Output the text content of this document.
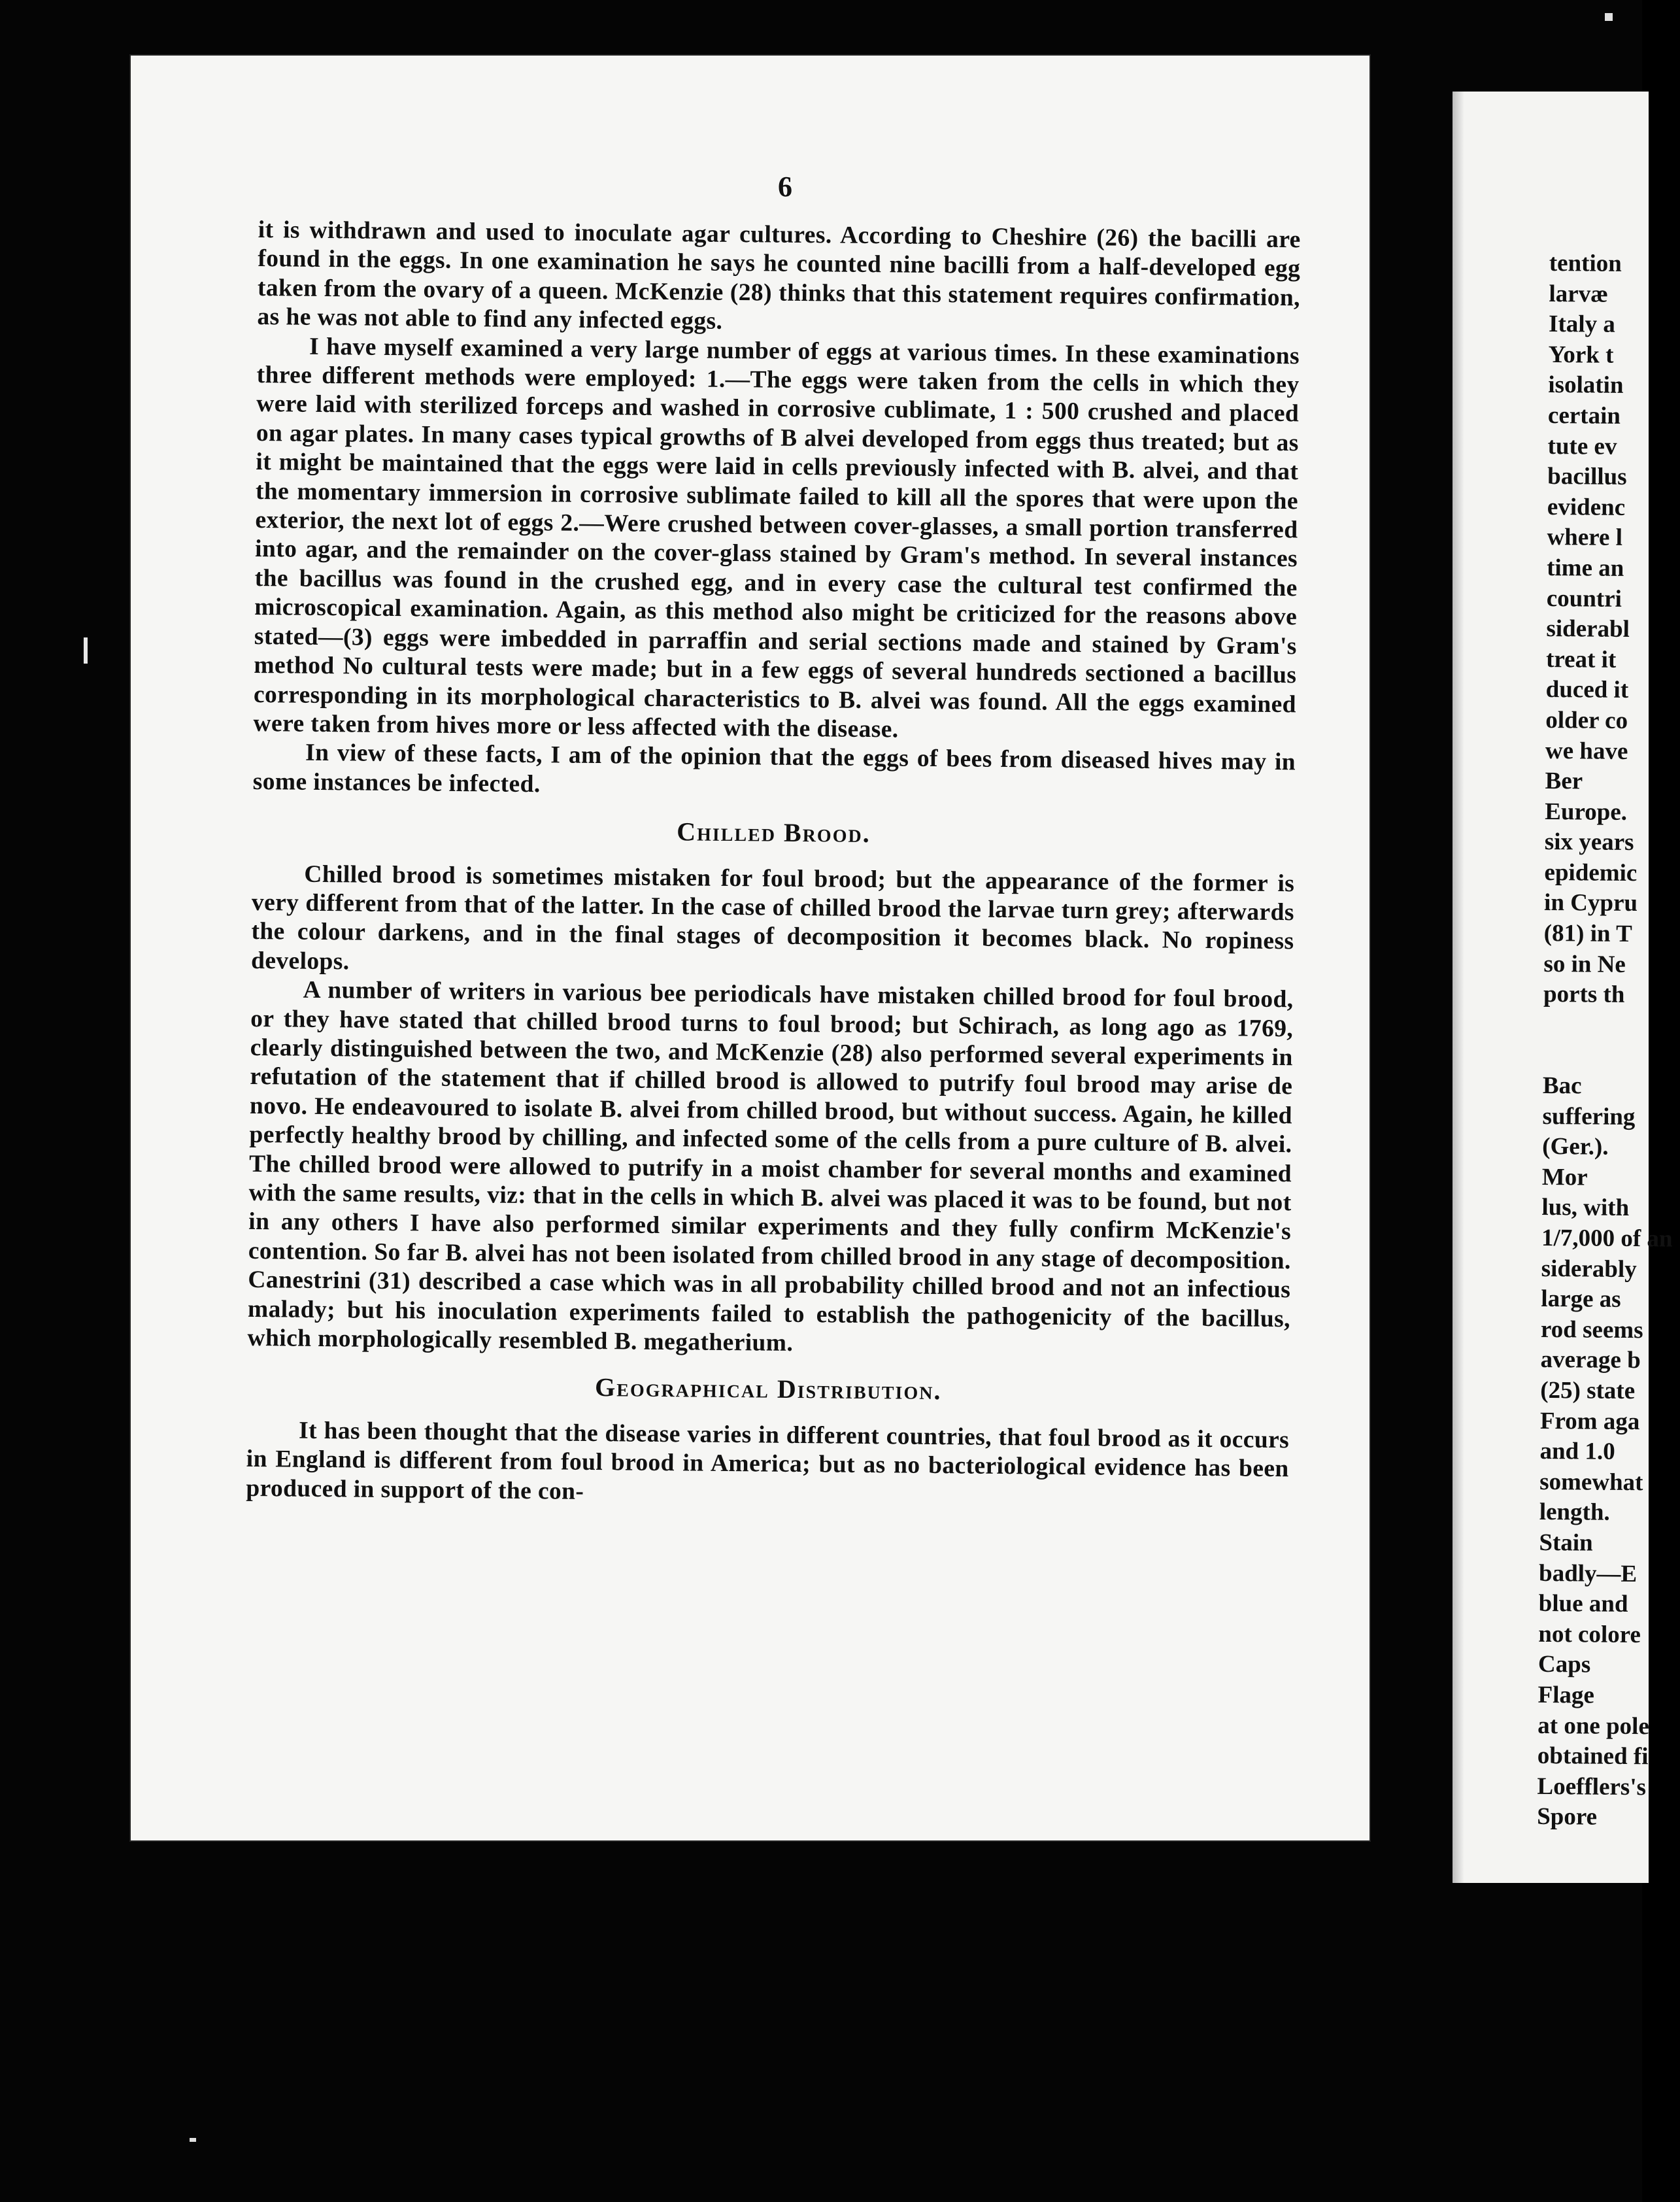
6

it is withdrawn and used to inoculate agar cultures. According to Cheshire (26) the bacilli are found in the eggs. In one examination he says he counted nine bacilli from a half-developed egg taken from the ovary of a queen. McKenzie (28) thinks that this statement requires confirmation, as he was not able to find any infected eggs.

I have myself examined a very large number of eggs at various times. In these examinations three different methods were employed: 1.—The eggs were taken from the cells in which they were laid with sterilized forceps and washed in corrosive cublimate, 1 : 500 crushed and placed on agar plates. In many cases typical growths of B alvei developed from eggs thus treated; but as it might be maintained that the eggs were laid in cells previously infected with B. alvei, and that the momentary immersion in corrosive sublimate failed to kill all the spores that were upon the exterior, the next lot of eggs 2.—Were crushed between cover-glasses, a small portion transferred into agar, and the remainder on the cover-glass stained by Gram's method. In several instances the bacillus was found in the crushed egg, and in every case the cultural test confirmed the microscopical examination. Again, as this method also might be criticized for the reasons above stated—(3) eggs were imbedded in parraffin and serial sections made and stained by Gram's method No cultural tests were made; but in a few eggs of several hundreds sectioned a bacillus corresponding in its morphological characteristics to B. alvei was found. All the eggs examined were taken from hives more or less affected with the disease.

In view of these facts, I am of the opinion that the eggs of bees from diseased hives may in some instances be infected.

Chilled Brood.

Chilled brood is sometimes mistaken for foul brood; but the appearance of the former is very different from that of the latter. In the case of chilled brood the larvae turn grey; afterwards the colour darkens, and in the final stages of decomposition it becomes black. No ropiness develops.

A number of writers in various bee periodicals have mistaken chilled brood for foul brood, or they have stated that chilled brood turns to foul brood; but Schirach, as long ago as 1769, clearly distinguished between the two, and McKenzie (28) also performed several experiments in refutation of the statement that if chilled brood is allowed to putrify foul brood may arise de novo. He endeavoured to isolate B. alvei from chilled brood, but without success. Again, he killed perfectly healthy brood by chilling, and infected some of the cells from a pure culture of B. alvei. The chilled brood were allowed to putrify in a moist chamber for several months and examined with the same results, viz: that in the cells in which B. alvei was placed it was to be found, but not in any others I have also performed similar experiments and they fully confirm McKenzie's contention. So far B. alvei has not been isolated from chilled brood in any stage of decomposition. Canestrini (31) described a case which was in all probability chilled brood and not an infectious malady; but his inoculation experiments failed to establish the pathogenicity of the bacillus, which morphologically resembled B. megatherium.

Geographical Distribution.

It has been thought that the disease varies in different countries, that foul brood as it occurs in England is different from foul brood in America; but as no bacteriological evidence has been produced in support of the con-

tention
larvæ
Italy a
York t
isolatin
certain
tute ev
bacillus
evidenc
where l
time an
countri
siderabl
treat it
duced it
older co
we have
Ber
Europe.
six years
epidemic
in Cypru
(81) in T
so in Ne
ports th

Bac
suffering
(Ger.).
Mor
lus, with
1/7,000 of an
siderably
large as
rod seems
average b
(25) state
From aga
and 1.0
somewhat
length.
Stain
badly—E
blue and
not colore
Caps
Flage
at one pole
obtained fi
Loefflers's
Spore
